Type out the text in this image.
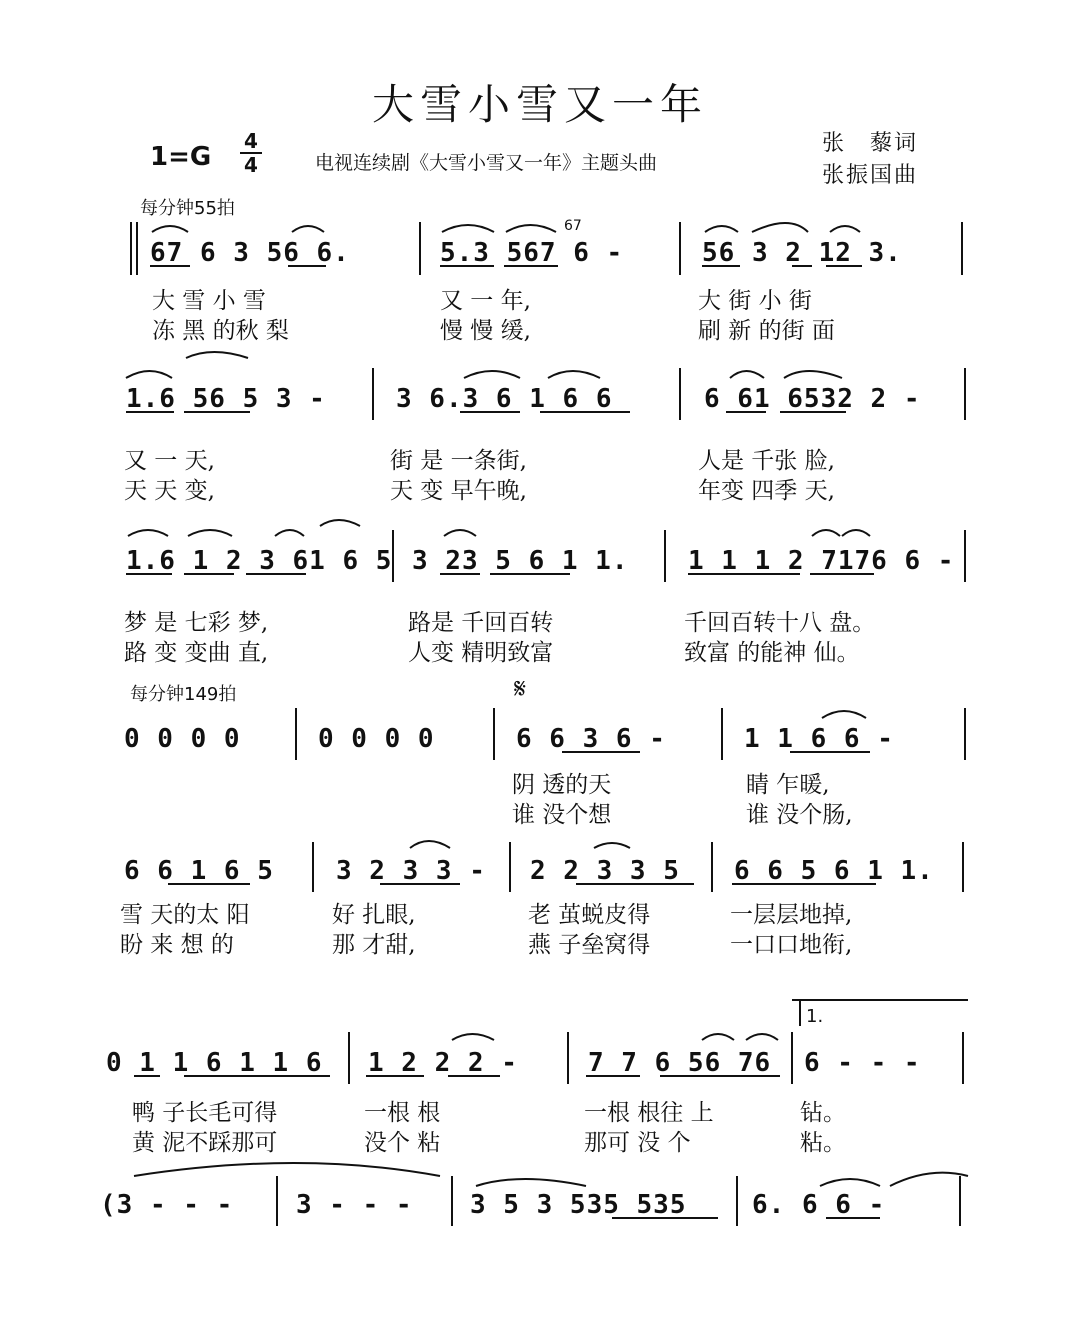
大雪小雪又一年
1=G
4
4	电视连续剧《大雪小雪又一年》主题头曲
张　藜词
张振国曲
每分钟55拍
每分钟149拍	𝄋
1.
67 6 3 56 6.	5.3 567 6 -	56 3 2 12 3.
67
大 雪 小 雪	又 一 年,	大 街 小 街
冻 黑 的秋 梨	慢 慢 缓,	刷 新 的街 面
1.6 56 5 3 -	3 6.3 6 1 6 6	6 61 6532 2 -
又 一 天,	街 是 一条街,	人是 千张 脸,
天 天 变,	天 变 早午晚,	年变 四季 天,
1.6 1 2 3 61 6 5 3 23 5 6 1 1. 1 1 1 2 7176 6 -
梦 是 七彩 梦,	路是 千回百转	千回百转十八 盘。
路 变 变曲 直,	人变 精明致富	致富 的能神 仙。
0 0 0 0	0 0 0 0	6 6 3 6 -	1 1 6 6 -
阴 透的天	睛 乍暖,
谁 没个想	谁 没个肠,
6 6 1 6 5 3 2 3 3 - 2 2 3 3 5 6 6 5 6 1 1.
雪 天的太 阳	好 扎眼,	老 茧蜕皮得	一层层地掉,
盼 来 想 的	那 才甜,	燕 子垒窝得	一口口地衔,
0 1 1 6 1 1 6 1 2 2 2 -	7 7 6 56 76 6 - - -
鸭 子长毛可得	一根 根	一根 根往 上	钻。
黄 泥不踩那可	没个 粘	那可 没 个	粘。
(3 - - - 3 - - - 3 5 3 535 535	6. 6 6 -
